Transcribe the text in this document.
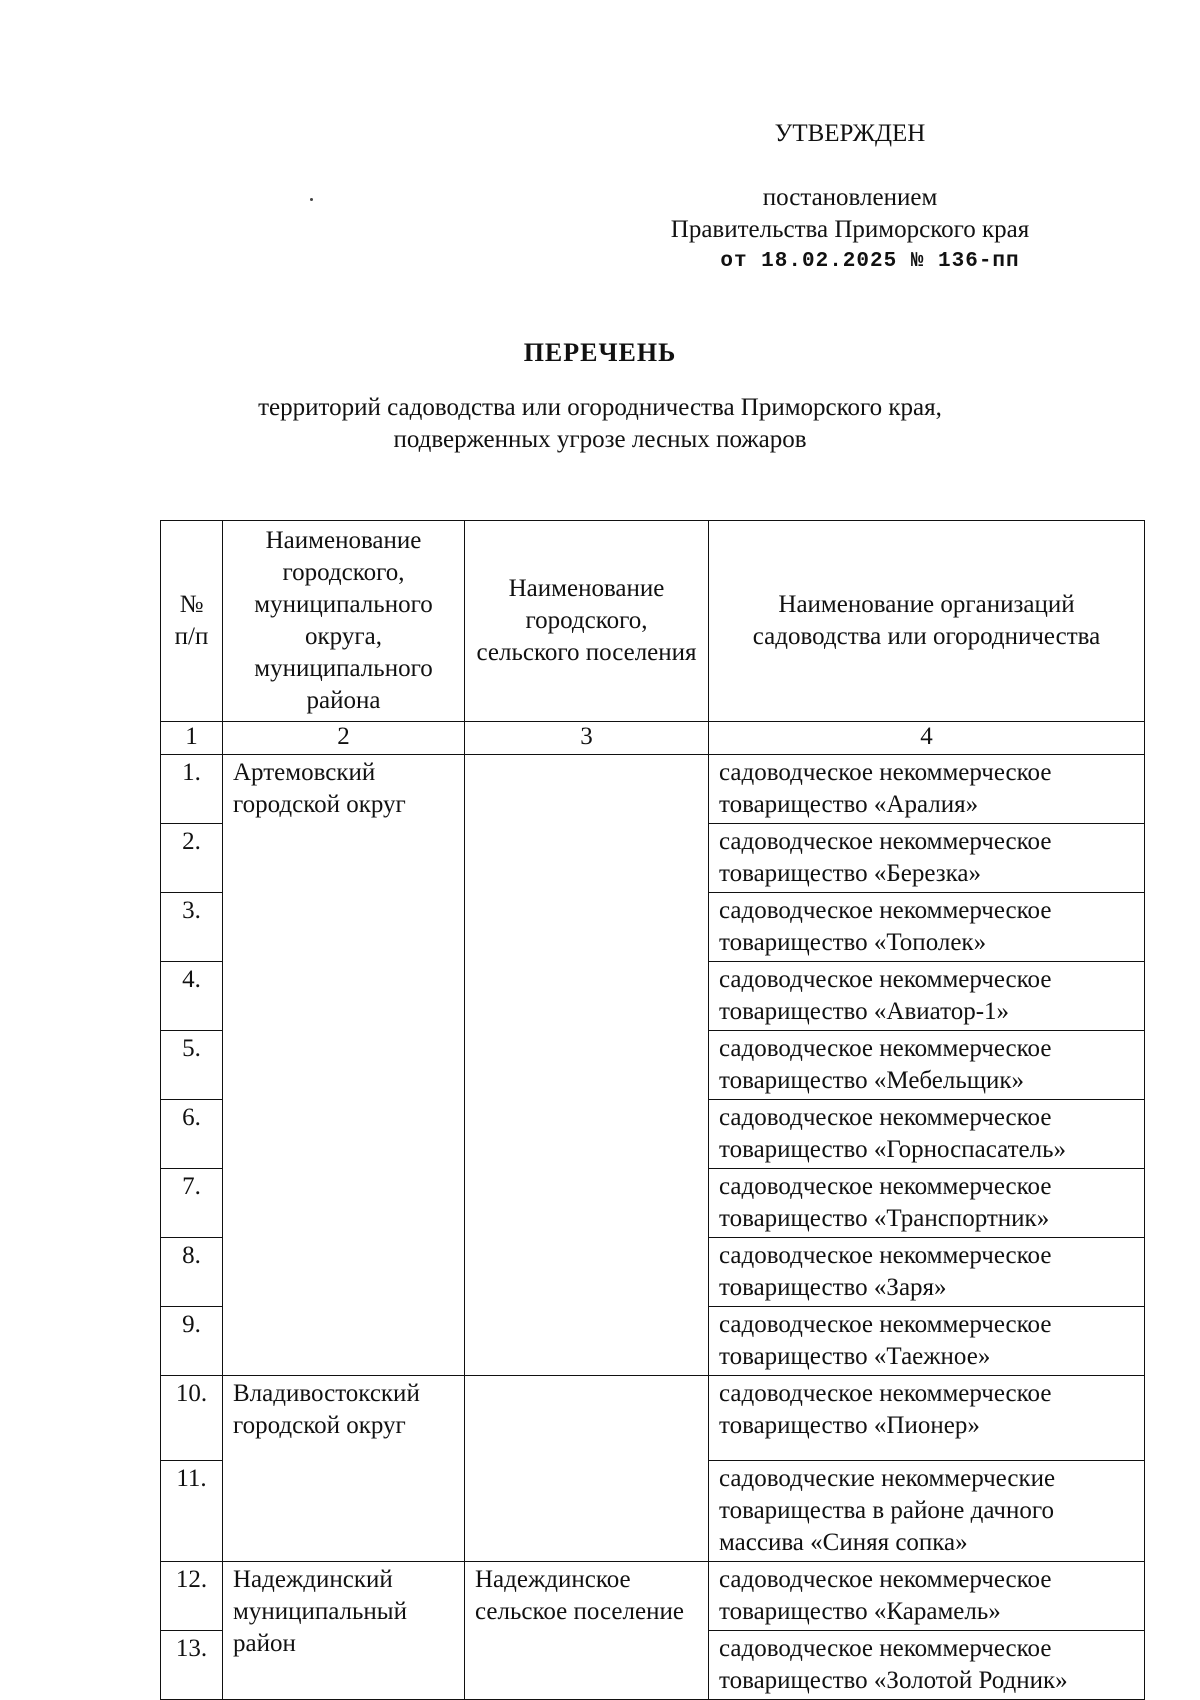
УТВЕРЖДЕН
постановлением
Правительства Приморского края
от 18.02.2025 № 136-пп
ПЕРЕЧЕНЬ
территорий садоводства или огородничества Приморского края,
подверженных угрозе лесных пожаров
№ п/п	Наименование городского, муниципального округа, муниципального района	Наименование городского, сельского поселения	Наименование организаций садоводства или огородничества
1	2	3	4
1.	Артемовский городской округ		садоводческое некоммерческое товарищество «Аралия»
2.			садоводческое некоммерческое товарищество «Березка»
3.			садоводческое некоммерческое товарищество «Тополек»
4.			садоводческое некоммерческое товарищество «Авиатор-1»
5.			садоводческое некоммерческое товарищество «Мебельщик»
6.			садоводческое некоммерческое товарищество «Горноспасатель»
7.			садоводческое некоммерческое товарищество «Транспортник»
8.			садоводческое некоммерческое товарищество «Заря»
9.			садоводческое некоммерческое товарищество «Таежное»
10.	Владивостокский городской округ		садоводческое некоммерческое товарищество «Пионер»
11.			садоводческие некоммерческие товарищества в районе дачного массива «Синяя сопка»
12.	Надеждинский муниципальный район	Надеждинское сельское поселение	садоводческое некоммерческое товарищество «Карамель»
13.			садоводческое некоммерческое товарищество «Золотой Родник»
